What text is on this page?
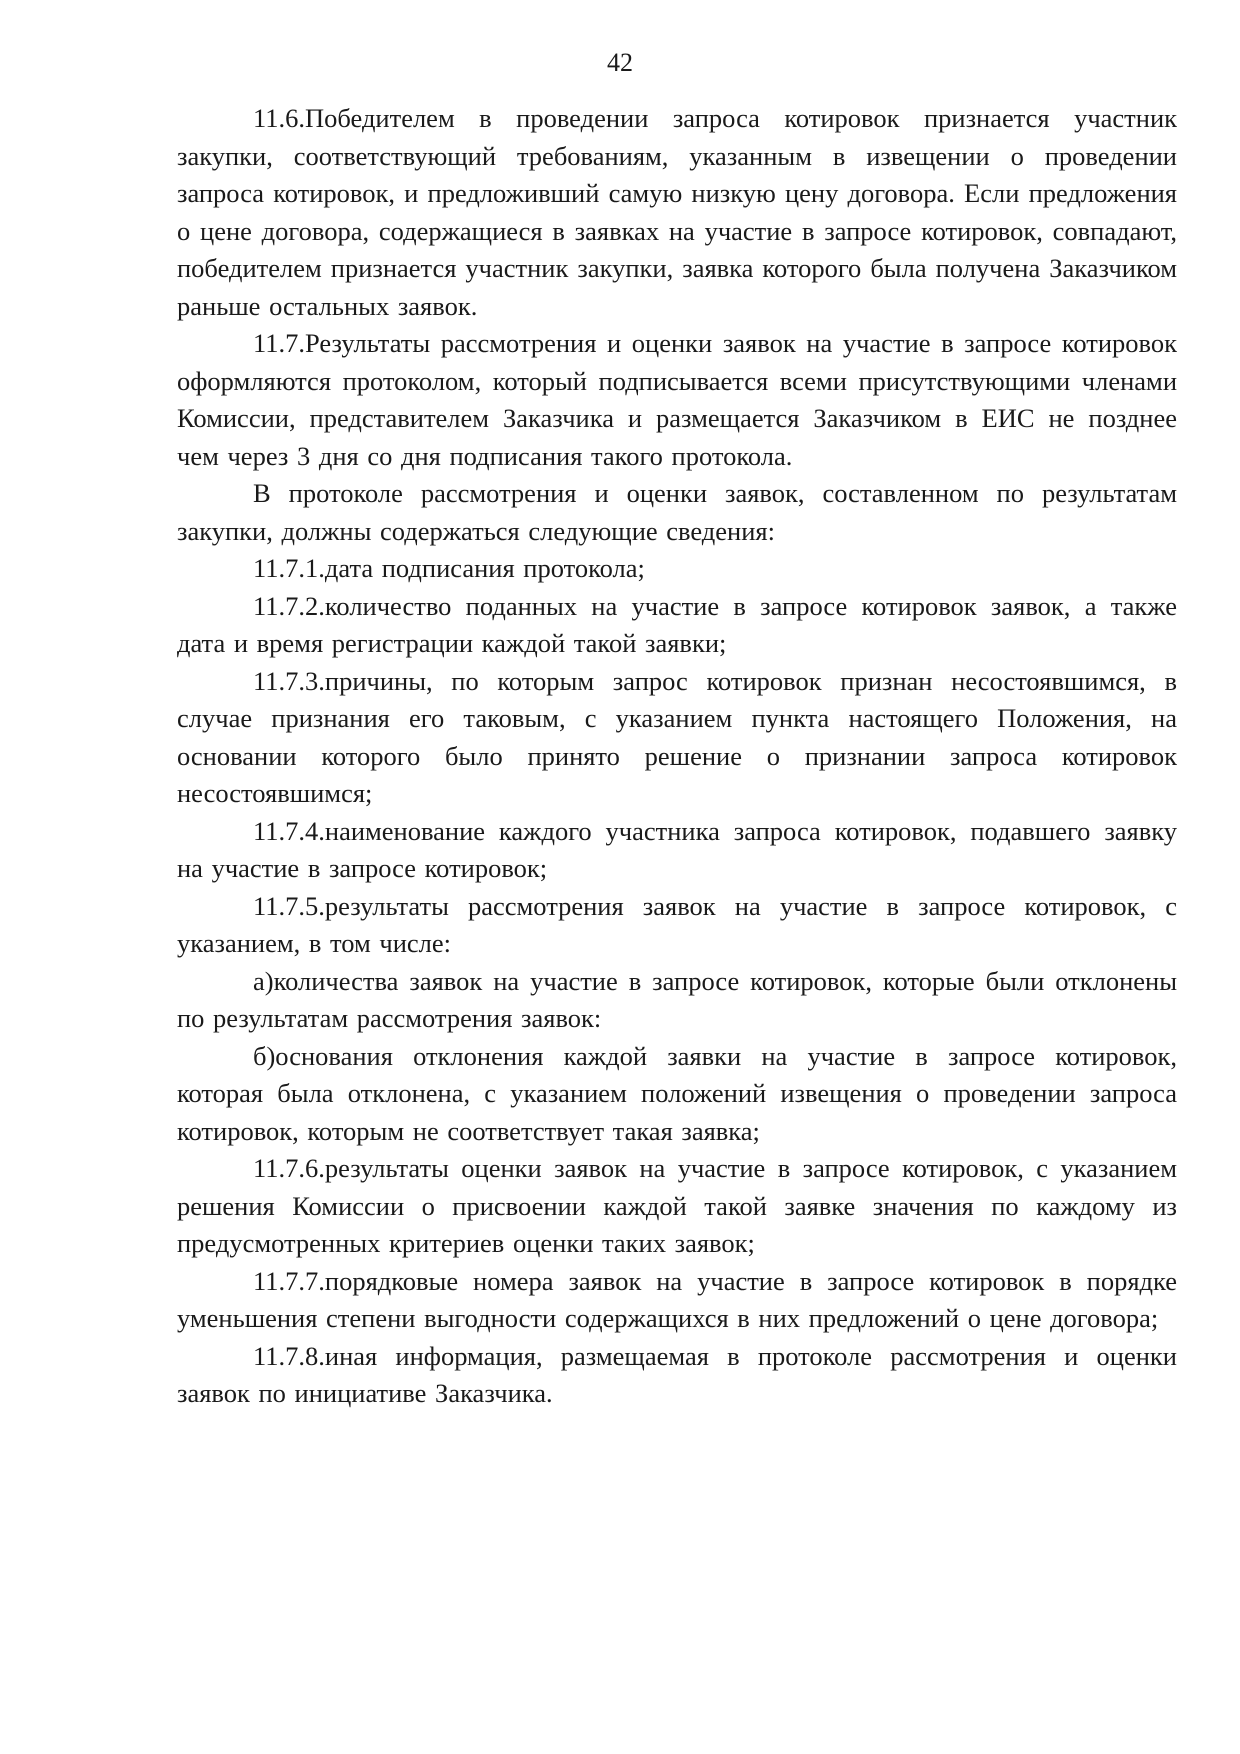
42

11.6.Победителем в проведении запроса котировок признается участник закупки, соответствующий требованиям, указанным в извещении о проведении запроса котировок, и предложивший самую низкую цену договора. Если предложения о цене договора, содержащиеся в заявках на участие в запросе котировок, совпадают, победителем признается участник закупки, заявка которого была получена Заказчиком раньше остальных заявок.

11.7.Результаты рассмотрения и оценки заявок на участие в запросе котировок оформляются протоколом, который подписывается всеми присутствующими членами Комиссии, представителем Заказчика и размещается Заказчиком в ЕИС не позднее чем через 3 дня со дня подписания такого протокола.

В протоколе рассмотрения и оценки заявок, составленном по результатам закупки, должны содержаться следующие сведения:

11.7.1.дата подписания протокола;

11.7.2.количество поданных на участие в запросе котировок заявок, а также дата и время регистрации каждой такой заявки;

11.7.3.причины, по которым запрос котировок признан несостоявшимся, в случае признания его таковым, с указанием пункта настоящего Положения, на основании которого было принято решение о признании запроса котировок несостоявшимся;

11.7.4.наименование каждого участника запроса котировок, подавшего заявку на участие в запросе котировок;

11.7.5.результаты рассмотрения заявок на участие в запросе котировок, с указанием, в том числе:

а)количества заявок на участие в запросе котировок, которые были отклонены по результатам рассмотрения заявок:

б)основания отклонения каждой заявки на участие в запросе котировок, которая была отклонена, с указанием положений извещения о проведении запроса котировок, которым не соответствует такая заявка;

11.7.6.результаты оценки заявок на участие в запросе котировок, с указанием решения Комиссии о присвоении каждой такой заявке значения по каждому из предусмотренных критериев оценки таких заявок;

11.7.7.порядковые номера заявок на участие в запросе котировок в порядке уменьшения степени выгодности содержащихся в них предложений о цене договора;

11.7.8.иная информация, размещаемая в протоколе рассмотрения и оценки заявок по инициативе Заказчика.
